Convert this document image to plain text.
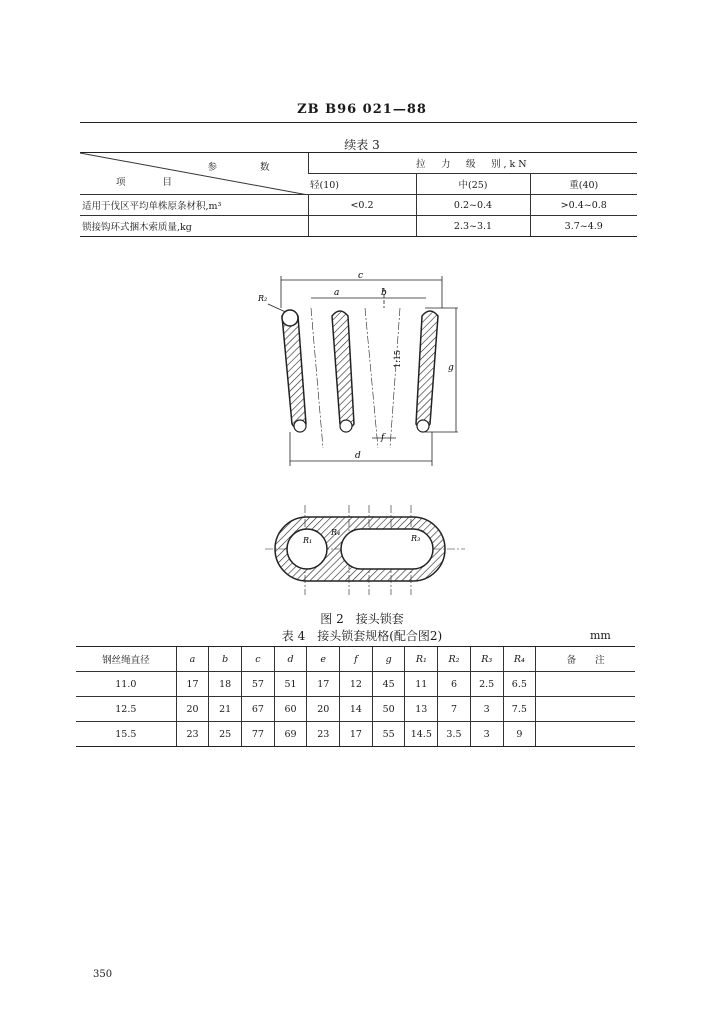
ZB B96 021—88
续表 3
参　　数
项　　目	拉　力　级　别,kN		
	轻(10)	中(25)	重(40)
适用于伐区平均单株原条材积,m³	<0.2	0.2~0.4	>0.4~0.8
锁接钩环式捆木索质量,kg		2.3~3.1	3.7~4.9
c
a	b
R₂
1:15	g
f
d
R₁
R₄
R₃
图 2　接头锁套
表 4　接头锁套规格(配合图2)	mm
钢丝绳直径	a	b	c	d	e	f	g	R₁	R₂	R₃	R₄	备　　注
11.0	17	18	57	51	17	12	45	11	6	2.5	6.5	
12.5	20	21	67	60	20	14	50	13	7	3	7.5	
15.5	23	25	77	69	23	17	55	14.5	3.5	3	9	
350
